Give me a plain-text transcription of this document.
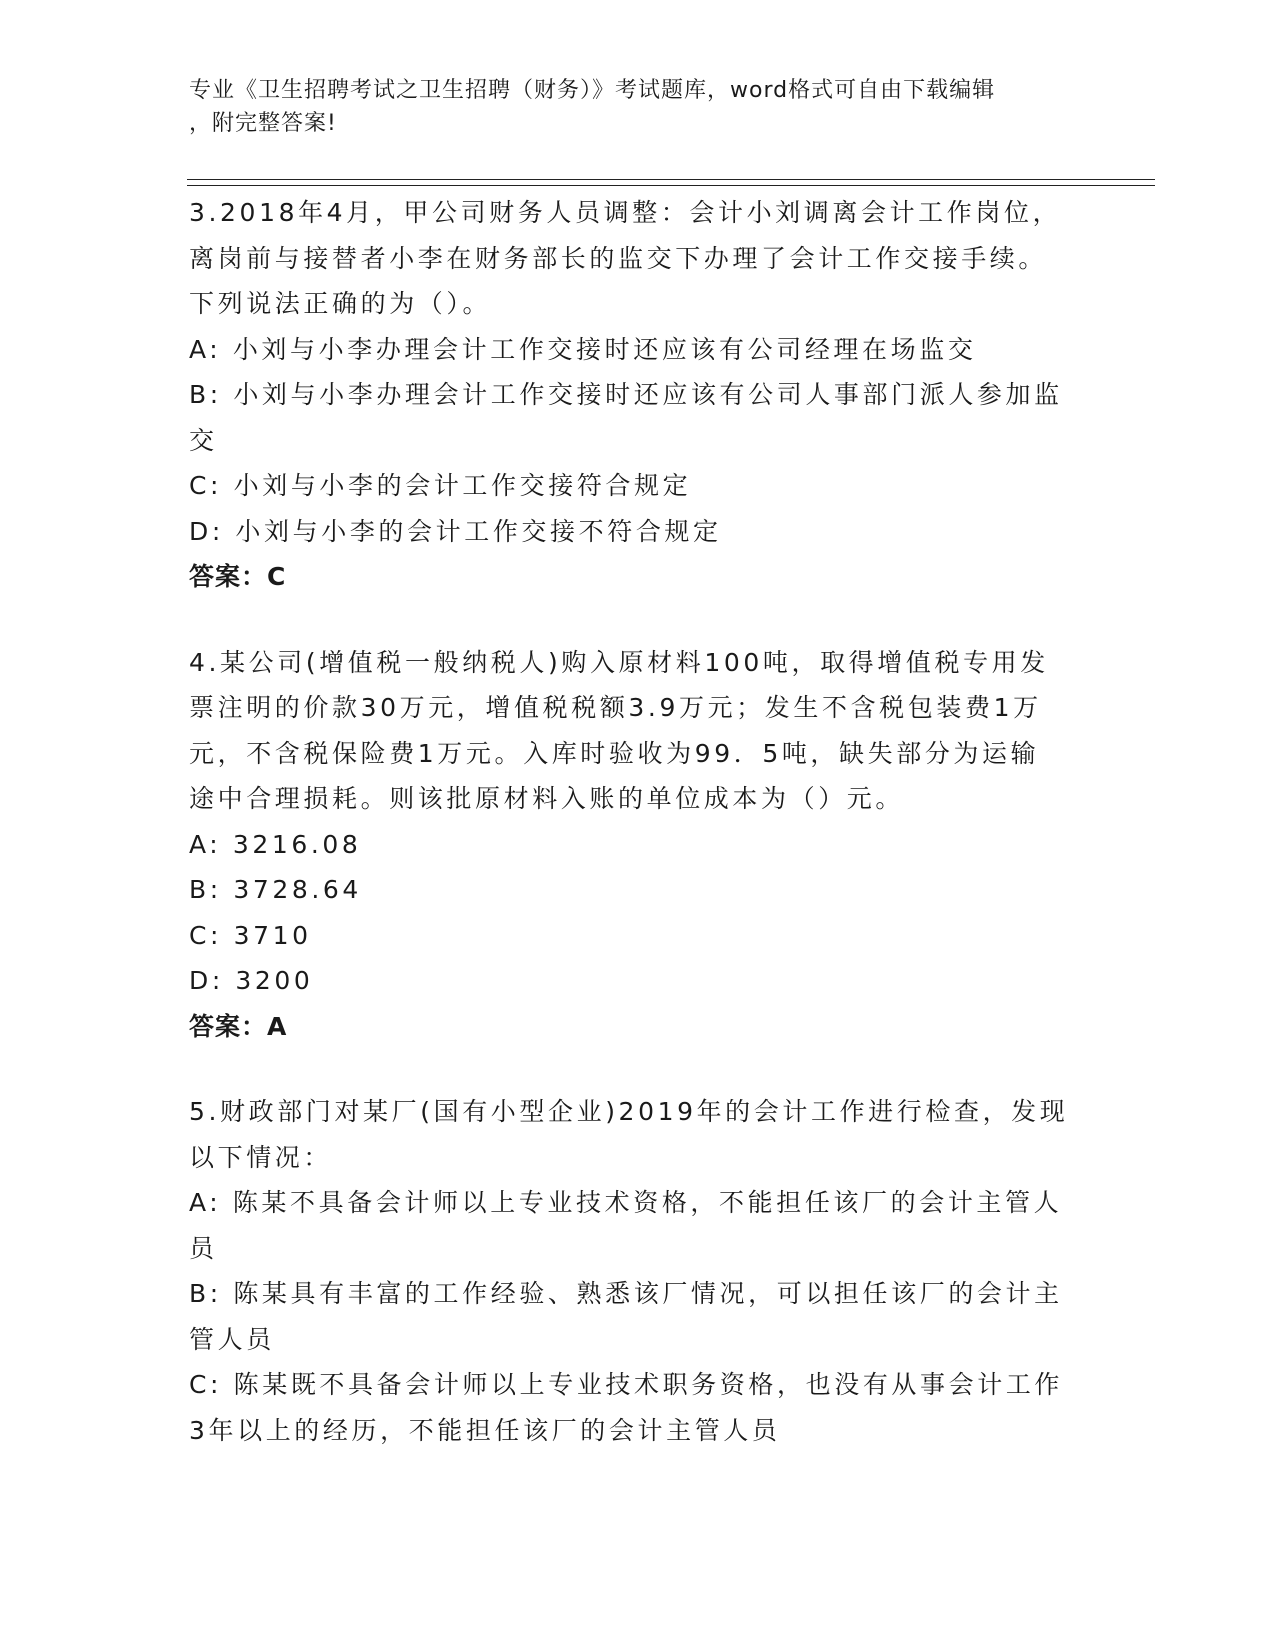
专业《卫生招聘考试之卫生招聘（财务）》考试题库，word格式可自由下载编辑
，附完整答案!

3.2018年4月，甲公司财务人员调整：会计小刘调离会计工作岗位，

离岗前与接替者小李在财务部长的监交下办理了会计工作交接手续。

下列说法正确的为（）。

A: 小刘与小李办理会计工作交接时还应该有公司经理在场监交

B: 小刘与小李办理会计工作交接时还应该有公司人事部门派人参加监

交

C: 小刘与小李的会计工作交接符合规定

D: 小刘与小李的会计工作交接不符合规定

答案：C

4.某公司(增值税一般纳税人)购入原材料100吨，取得增值税专用发

票注明的价款30万元，增值税税额3.9万元；发生不含税包装费1万

元，不含税保险费1万元。入库时验收为99．5吨，缺失部分为运输

途中合理损耗。则该批原材料入账的单位成本为（）元。

A: 3216.08

B: 3728.64

C: 3710

D: 3200

答案：A

5.财政部门对某厂(国有小型企业)2019年的会计工作进行检查，发现

以下情况：

A: 陈某不具备会计师以上专业技术资格，不能担任该厂的会计主管人

员

B: 陈某具有丰富的工作经验、熟悉该厂情况，可以担任该厂的会计主

管人员

C: 陈某既不具备会计师以上专业技术职务资格，也没有从事会计工作

3年以上的经历，不能担任该厂的会计主管人员
